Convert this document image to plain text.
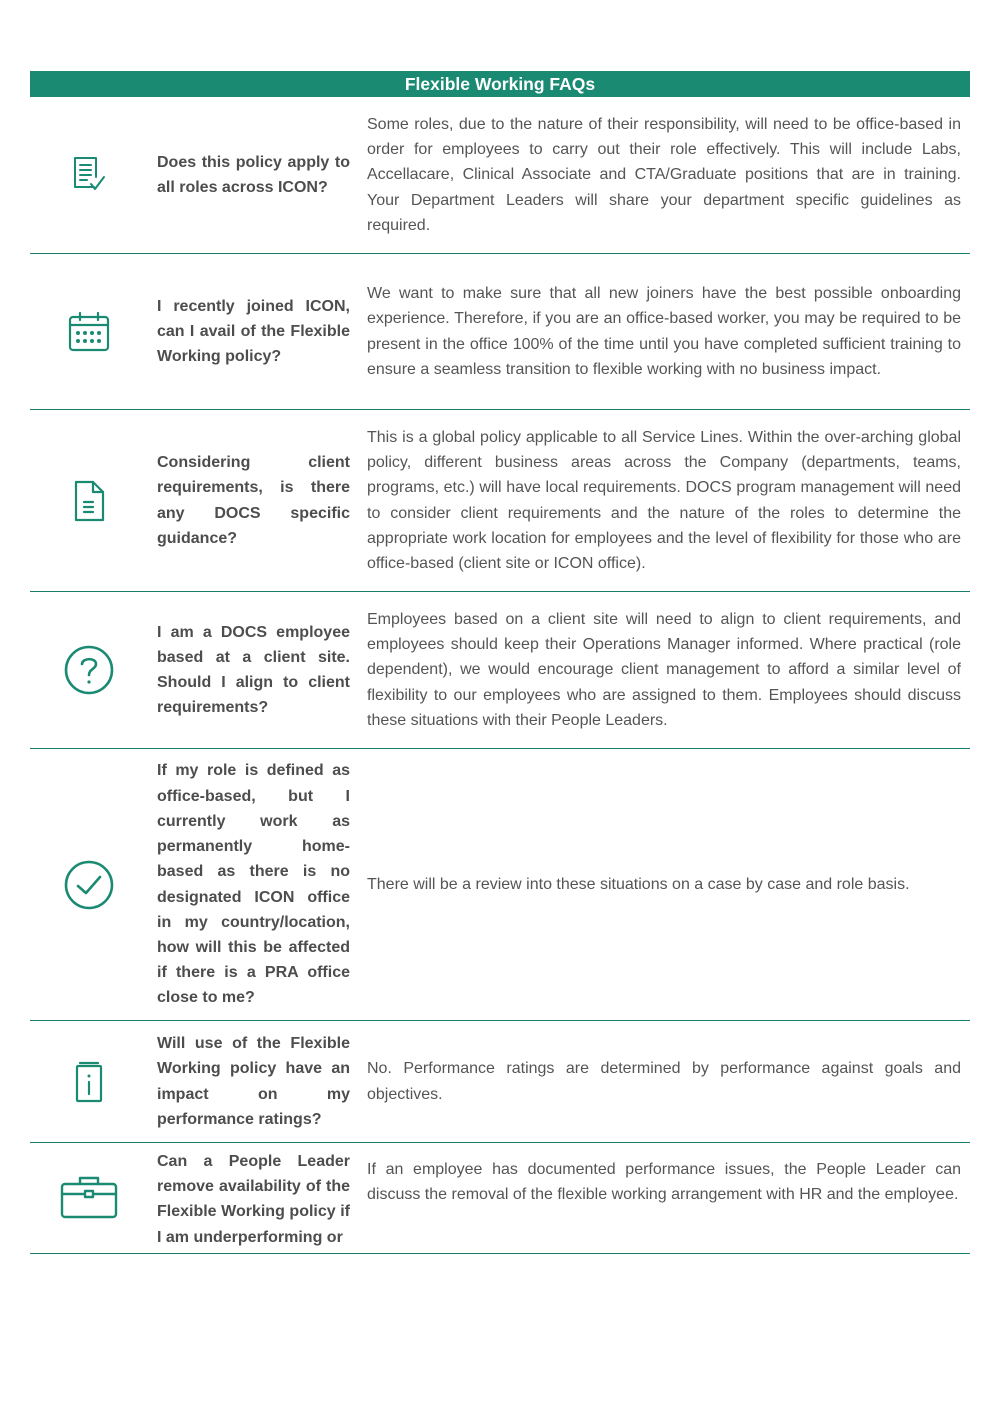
Flexible Working FAQs
Does this policy apply to all roles across ICON?
Some roles, due to the nature of their responsibility, will need to be office-based in order for employees to carry out their role effectively. This will include Labs, Accellacare, Clinical Associate and CTA/Graduate positions that are in training. Your Department Leaders will share your department specific guidelines as required.
I recently joined ICON, can I avail of the Flexible Working policy?
We want to make sure that all new joiners have the best possible onboarding experience. Therefore, if you are an office-based worker, you may be required to be present in the office 100% of the time until you have completed sufficient training to ensure a seamless transition to flexible working with no business impact.
Considering client requirements, is there any DOCS specific guidance?
This is a global policy applicable to all Service Lines. Within the over-arching global policy, different business areas across the Company (departments, teams, programs, etc.) will have local requirements. DOCS program management will need to consider client requirements and the nature of the roles to determine the appropriate work location for employees and the level of flexibility for those who are office-based (client site or ICON office).
I am a DOCS employee based at a client site. Should I align to client requirements?
Employees based on a client site will need to align to client requirements, and employees should keep their Operations Manager informed. Where practical (role dependent), we would encourage client management to afford a similar level of flexibility to our employees who are assigned to them. Employees should discuss these situations with their People Leaders.
If my role is defined as office-based, but I currently work as permanently home-based as there is no designated ICON office in my country/location, how will this be affected if there is a PRA office close to me?
There will be a review into these situations on a case by case and role basis.
Will use of the Flexible Working policy have an impact on my performance ratings?
No. Performance ratings are determined by performance against goals and objectives.
Can a People Leader remove availability of the Flexible Working policy if I am underperforming or
If an employee has documented performance issues, the People Leader can discuss the removal of the flexible working arrangement with HR and the employee.
